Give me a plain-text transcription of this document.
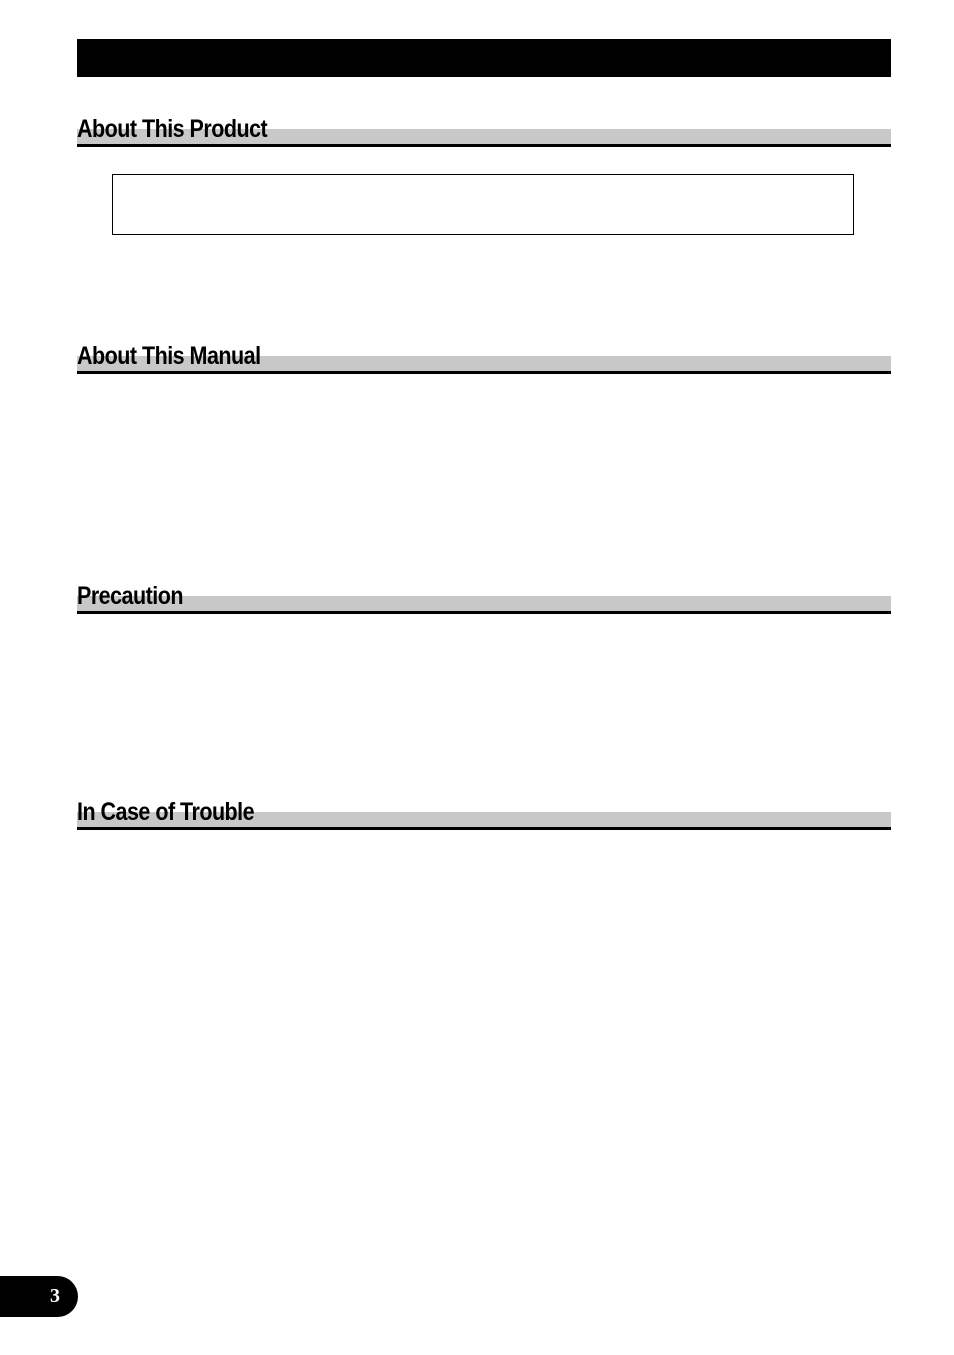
About This Product
About This Manual
Precaution
In Case of Trouble
3
